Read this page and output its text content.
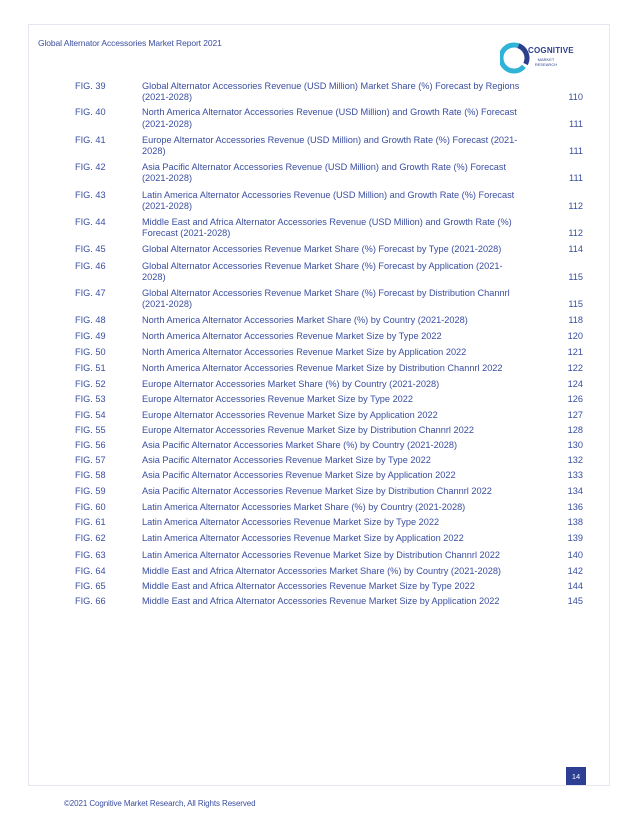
Global Alternator Accessories Market Report 2021
COGNITIVE
MARKET RESEARCH
FIG. 39	Global Alternator Accessories Revenue (USD Million) Market Share (%) Forecast by Regions (2021-2028)	110
FIG. 40	North America Alternator Accessories Revenue (USD Million) and Growth Rate (%) Forecast (2021-2028)	111
FIG. 41	Europe Alternator Accessories Revenue (USD Million) and Growth Rate (%) Forecast (2021-2028)	111
FIG. 42	Asia Pacific Alternator Accessories Revenue (USD Million) and Growth Rate (%) Forecast (2021-2028)	111
FIG. 43	Latin America Alternator Accessories Revenue (USD Million) and Growth Rate (%) Forecast (2021-2028)	112
FIG. 44	Middle East and Africa Alternator Accessories Revenue (USD Million) and Growth Rate (%) Forecast (2021-2028)	112
FIG. 45	Global Alternator Accessories Revenue Market Share (%) Forecast by Type (2021-2028)	114
FIG. 46	Global Alternator Accessories Revenue Market Share (%) Forecast by Application (2021-2028)	115
FIG. 47	Global Alternator Accessories Revenue Market Share (%) Forecast by Distribution Channrl (2021-2028)	115
FIG. 48	North America Alternator Accessories Market Share (%) by Country (2021-2028)	118
FIG. 49	North America Alternator Accessories Revenue Market Size by Type 2022	120
FIG. 50	North America Alternator Accessories Revenue Market Size by Application 2022	121
FIG. 51	North America Alternator Accessories Revenue Market Size by Distribution Channrl 2022	122
FIG. 52	Europe Alternator Accessories Market Share (%) by Country (2021-2028)	124
FIG. 53	Europe Alternator Accessories Revenue Market Size by Type 2022	126
FIG. 54	Europe Alternator Accessories Revenue Market Size by Application 2022	127
FIG. 55	Europe Alternator Accessories Revenue Market Size by Distribution Channrl 2022	128
FIG. 56	Asia Pacific Alternator Accessories Market Share (%) by Country (2021-2028)	130
FIG. 57	Asia Pacific Alternator Accessories Revenue Market Size by Type 2022	132
FIG. 58	Asia Pacific Alternator Accessories Revenue Market Size by Application 2022	133
FIG. 59	Asia Pacific Alternator Accessories Revenue Market Size by Distribution Channrl 2022	134
FIG. 60	Latin America Alternator Accessories Market Share (%) by Country (2021-2028)	136
FIG. 61	Latin America Alternator Accessories Revenue Market Size by Type 2022	138
FIG. 62	Latin America Alternator Accessories Revenue Market Size by Application 2022	139
FIG. 63	Latin America Alternator Accessories Revenue Market Size by Distribution Channrl 2022	140
FIG. 64	Middle East and Africa Alternator Accessories Market Share (%) by Country (2021-2028)	142
FIG. 65	Middle East and Africa Alternator Accessories Revenue Market Size by Type 2022	144
FIG. 66	Middle East and Africa Alternator Accessories Revenue Market Size by Application 2022	145
14
©2021 Cognitive Market Research, All Rights Reserved
